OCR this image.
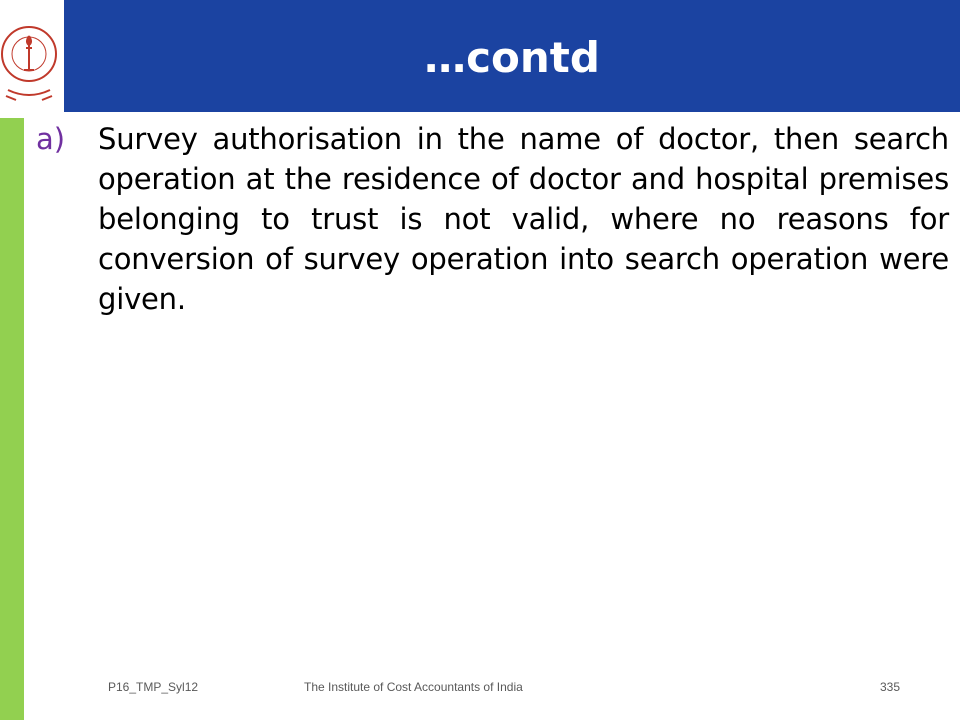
…contd
a) Survey authorisation in the name of doctor, then search operation at the residence of doctor and hospital premises belonging to trust is not valid, where no reasons for conversion of survey operation into search operation were given.
P16_TMP_Syl12	The Institute of Cost Accountants of India	335
